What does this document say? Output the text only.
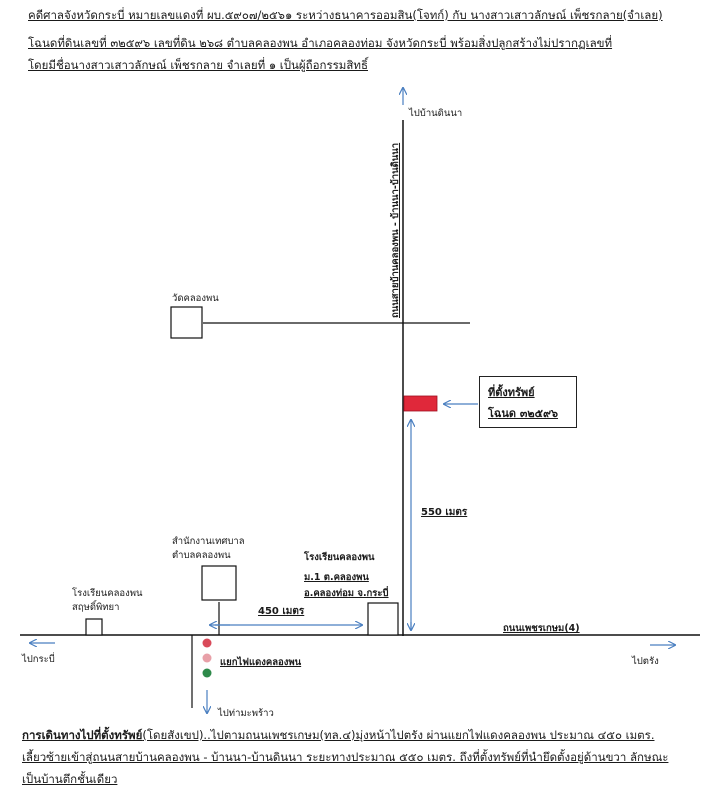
คดีศาลจังหวัดกระบี่ หมายเลขแดงที่ ผบ.๕๙๐๗/๒๕๖๑ ระหว่างธนาคารออมสิน(โจทก์) กับ นางสาวเสาวลักษณ์ เพ็ชรกลาย(จำเลย)
โฉนดที่ดินเลขที่ ๓๒๕๙๖ เลขที่ดิน ๒๖๘ ตำบลคลองพน อำเภอคลองท่อม จังหวัดกระบี่ พร้อมสิ่งปลูกสร้างไม่ปรากฏเลขที่
โดยมีชื่อนางสาวเสาวลักษณ์ เพ็ชรกลาย จำเลยที่ ๑ เป็นผู้ถือกรรมสิทธิ์
ไปบ้านดินนา
ถนนสายบ้านคลองพน - บ้านนา-บ้านดินนา
วัดคลองพน
ที่ตั้งทรัพย์
โฉนด ๓๒๕๙๖
550 เมตร
สำนักงานเทศบาล
ตำบลคลองพน	โรงเรียนคลองพน
ม.1 ต.คลองพน
อ.คลองท่อม จ.กระบี่
โรงเรียนคลองพน
สฤษดิ์พิทยา	450 เมตร
ถนนเพชรเกษม(4)
ไปกระบี่	ไปตรัง
แยกไฟแดงคลองพน
ไปท่ามะพร้าว
การเดินทางไปที่ตั้งทรัพย์(โดยสังเขป)..ไปตามถนนเพชรเกษม(ทล.๔)มุ่งหน้าไปตรัง ผ่านแยกไฟแดงคลองพน ประมาณ ๔๕๐ เมตร.
เลี้ยวซ้ายเข้าสู่ถนนสายบ้านคลองพน - บ้านนา-บ้านดินนา ระยะทางประมาณ ๕๕๐ เมตร. ถึงที่ตั้งทรัพย์ที่นำยึดตั้งอยู่ด้านขวา ลักษณะ
เป็นบ้านตึกชั้นเดียว
